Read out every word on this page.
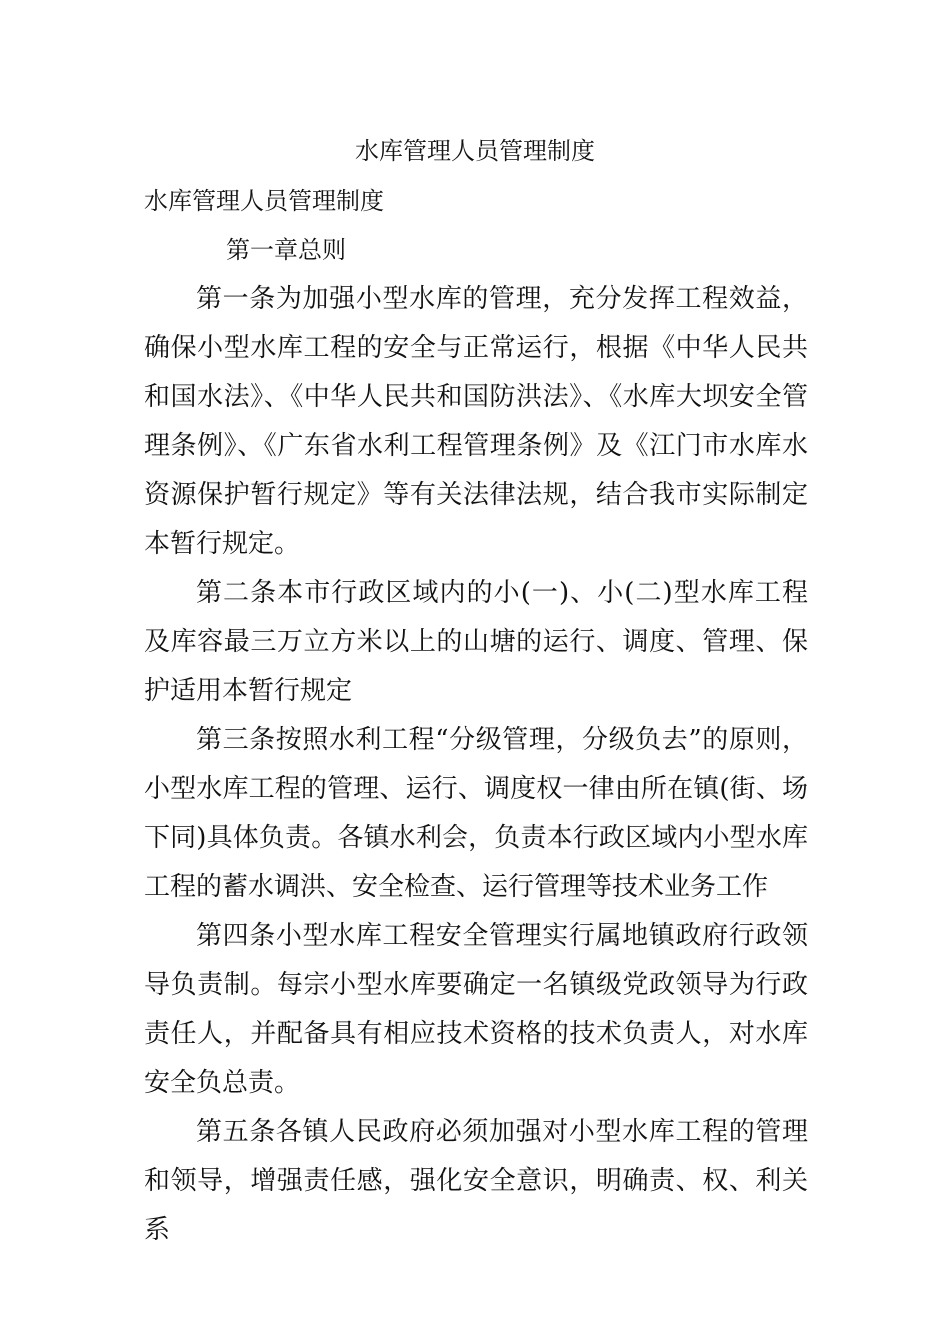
水库管理人员管理制度
水库管理人员管理制度
第一章总则

第一条为加强小型水库的管理，充分发挥工程效益，确保小型水库工程的安全与正常运行，根据《中华人民共和国水法》、《中华人民共和国防洪法》、《水库大坝安全管理条例》、《广东省水利工程管理条例》及《江门市水库水资源保护暂行规定》等有关法律法规，结合我市实际制定本暂行规定。

第二条本市行政区域内的小(一)、小(二)型水库工程及库容最三万立方米以上的山塘的运行、调度、管理、保护适用本暂行规定

第三条按照水利工程“分级管理，分级负去”的原则，小型水库工程的管理、运行、调度权一律由所在镇(街、场下同)具体负责。各镇水利会，负责本行政区域内小型水库工程的蓄水调洪、安全检查、运行管理等技术业务工作

第四条小型水库工程安全管理实行属地镇政府行政领导负责制。每宗小型水库要确定一名镇级党政领导为行政责任人，并配备具有相应技术资格的技术负责人，对水库安全负总责。

第五条各镇人民政府必须加强对小型水库工程的管理和领导，增强责任感，强化安全意识，明确责、权、利关系
